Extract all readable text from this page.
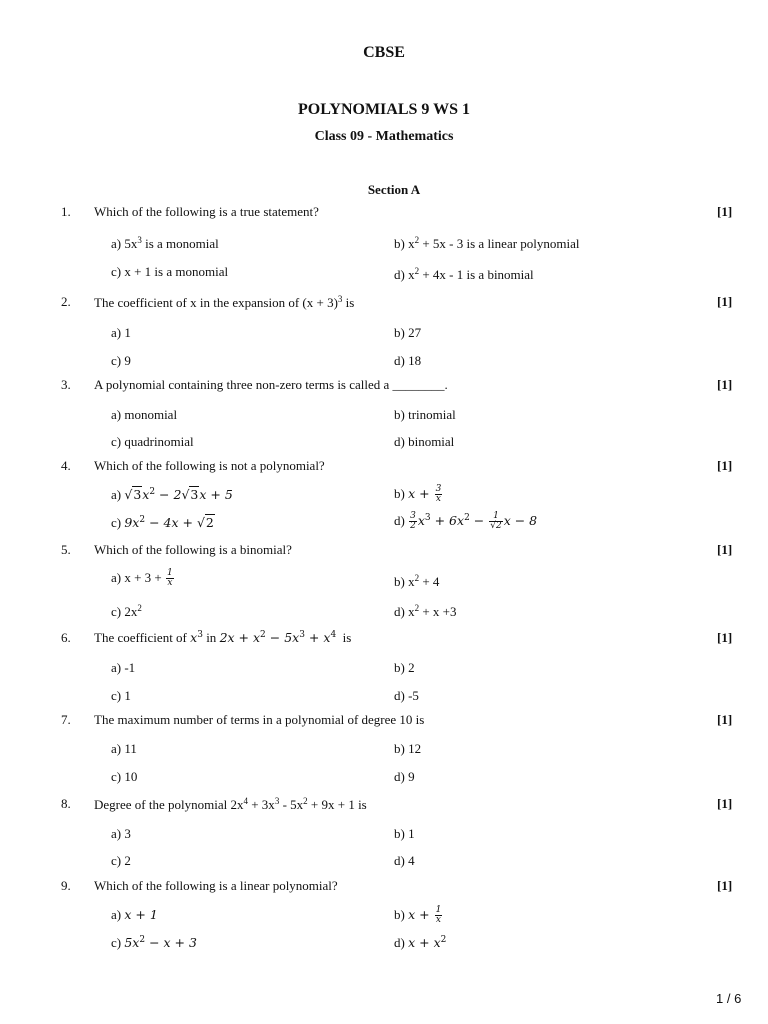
CBSE
POLYNOMIALS 9 WS 1
Class 09 - Mathematics
Section A
1. Which of the following is a true statement?	[1]
a) $5x^3$ is a monomial	b) $x^2 + 5x - 3$ is a linear polynomial
c) x + 1 is a monomial	d) $x^2 + 4x - 1$ is a binomial
2. The coefficient of x in the expansion of $(x + 3)^3$ is	[1]
a) 1	b) 27
c) 9	d) 18
3. A polynomial containing three non-zero terms is called a ________.	[1]
a) monomial	b) trinomial
c) quadrinomial	d) binomial
4. Which of the following is not a polynomial?	[1]
a) $√3x^2 - 2√3x + 5$	b) $x + \frac{3}{x}$
c) $9x^2 - 4x + √2$	$d) \frac{3}{2} x^3 + 6x^2 - \frac{1}{√2}$ x − 8
5. Which of the following is a binomial?	[1]
a) $x + 3 + \frac{1}{x}$	b) $x^2 + 4$
c) $2x^2$	d) $x^2 + x +3$
6. The coefficient of $x^3$ in $2x + x^2 - 5x^3 + x^4$  is	[1]
a) -1	b) 2
c) 1	d) -5
7. The maximum number of terms in a polynomial of degree 10 is	[1]
a) 11	b) 12
c) 10	d) 9
8. Degree of the polynomial $2x^4 + 3x^3 - 5x^2 + 9x + 1$ is	[1]
a) 3	b) 1
c) 2	d) 4
9. Which of the following is a linear polynomial?	[1]
a) x + 1	b) $x + \frac{1}{x}$
c) $5x^2 - x + 3$	d) $x + x^2$
1 / 6
